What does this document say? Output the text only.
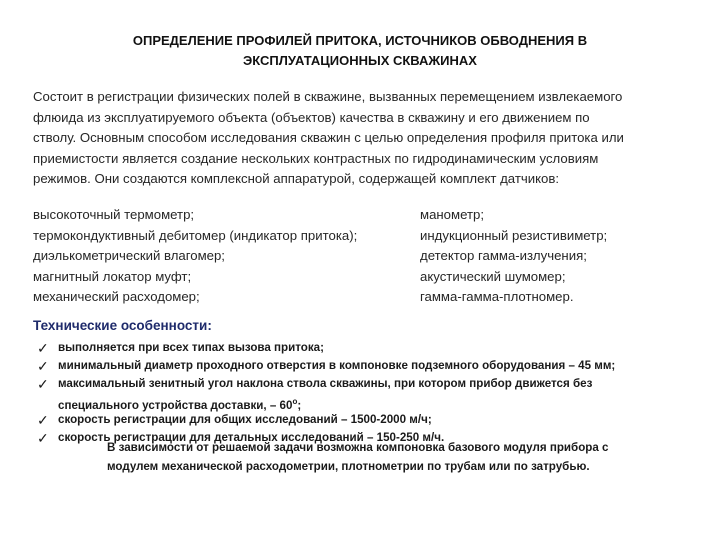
ОПРЕДЕЛЕНИЕ ПРОФИЛЕЙ ПРИТОКА, ИСТОЧНИКОВ ОБВОДНЕНИЯ В
ЭКСПЛУАТАЦИОННЫХ СКВАЖИНАХ
Состоит в регистрации физических полей в скважине, вызванных перемещением извлекаемого
флюида из эксплуатируемого объекта (объектов) качества в скважину и его движением по
стволу. Основным способом исследования скважин с целью определения профиля притока или
приемистости является создание нескольких контрастных по гидродинамическим условиям
режимов. Они создаются комплексной аппаратурой, содержащей комплект датчиков:
высокоточный термометр;
термокондуктивный дебитомер (индикатор притока);
диэлькометрический влагомер;
магнитный локатор муфт;
механический расходомер;
манометр;
индукционный резистивиметр;
детектор гамма-излучения;
акустический шумомер;
гамма-гамма-плотномер.
Технические особенности:
✓ выполняется при всех типах вызова притока;
✓ минимальный диаметр проходного отверстия в компоновке подземного оборудования – 45 мм;
✓ максимальный зенитный угол наклона ствола скважины, при котором прибор движется без
специального устройства доставки, – $60^о$;
✓ скорость регистрации для общих исследований – 1500-2000 м/ч;
✓ скорость регистрации для детальных исследований – 150-250 м/ч.
В зависимости от решаемой задачи возможна компоновка базового модуля прибора с
модулем механической расходометрии, плотнометрии по трубам или по затрубью.
